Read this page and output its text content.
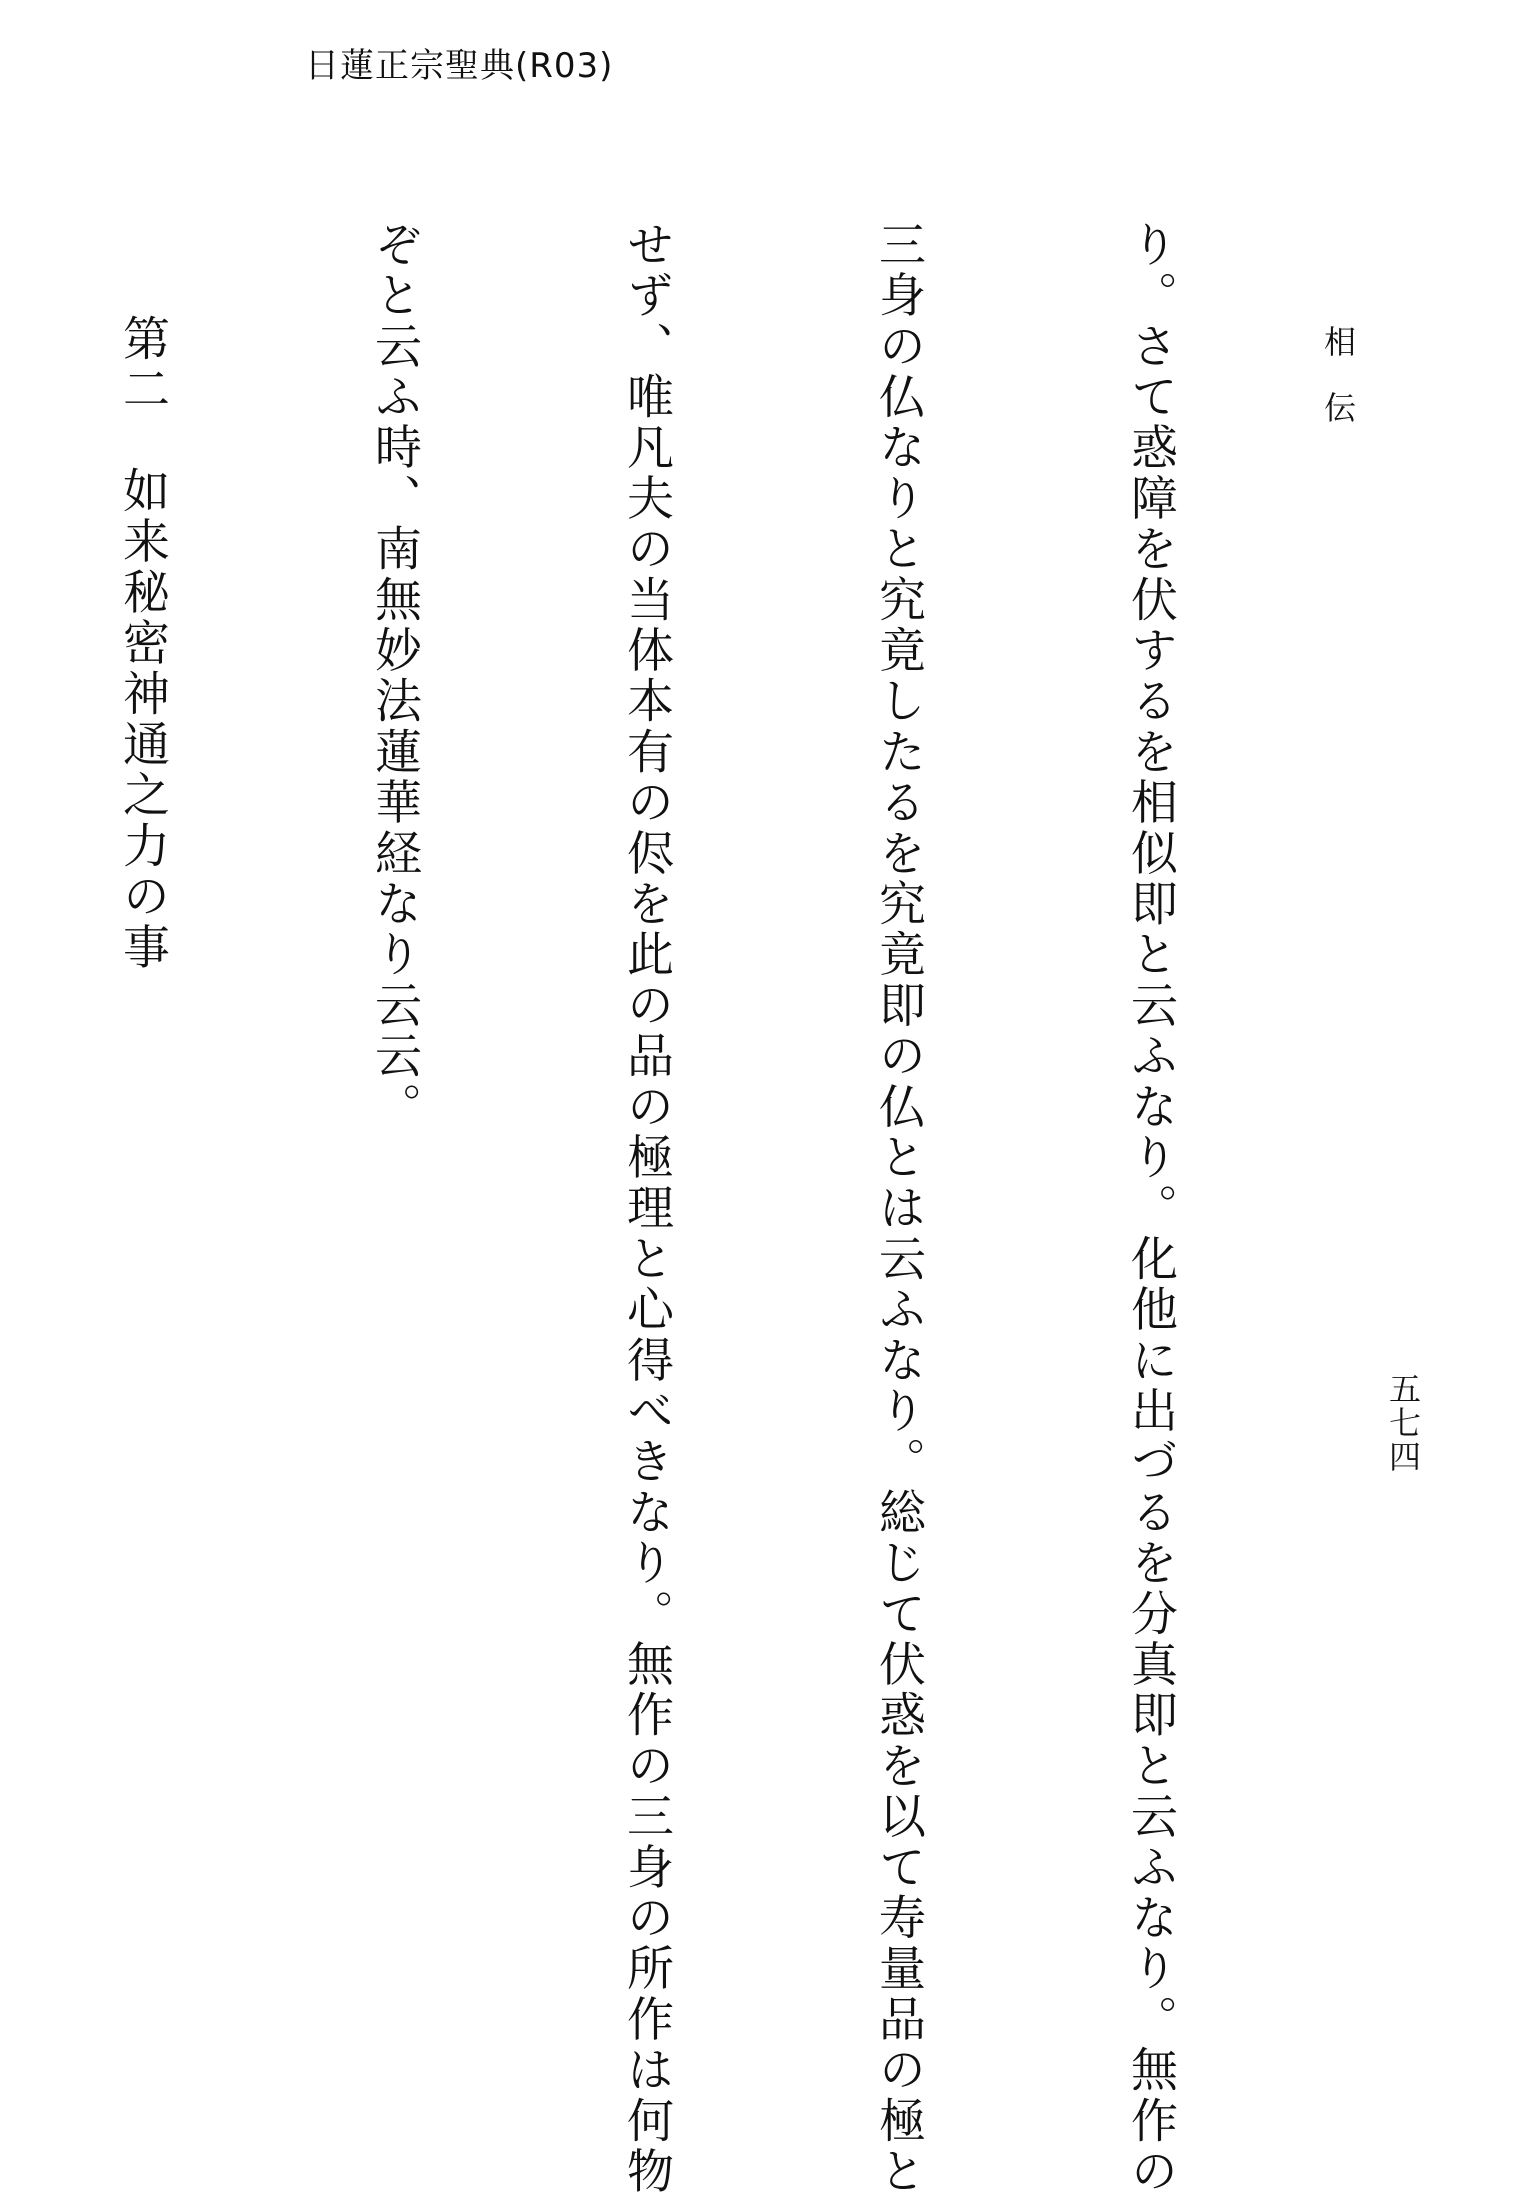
日蓮正宗聖典(R03)
相伝
五七四

り。さて惑障を伏するを相似即と云ふなり。化他に出づるを分真即と云ふなり。無作の

三身の仏なりと究竟したるを究竟即の仏とは云ふなり。総じて伏惑を以て寿量品の極と

せず、唯凡夫の当体本有の侭を此の品の極理と心得べきなり。無作の三身の所作は何物

ぞと云ふ時、南無妙法蓮華経なり云云。

第二　如来秘密神通之力の事
